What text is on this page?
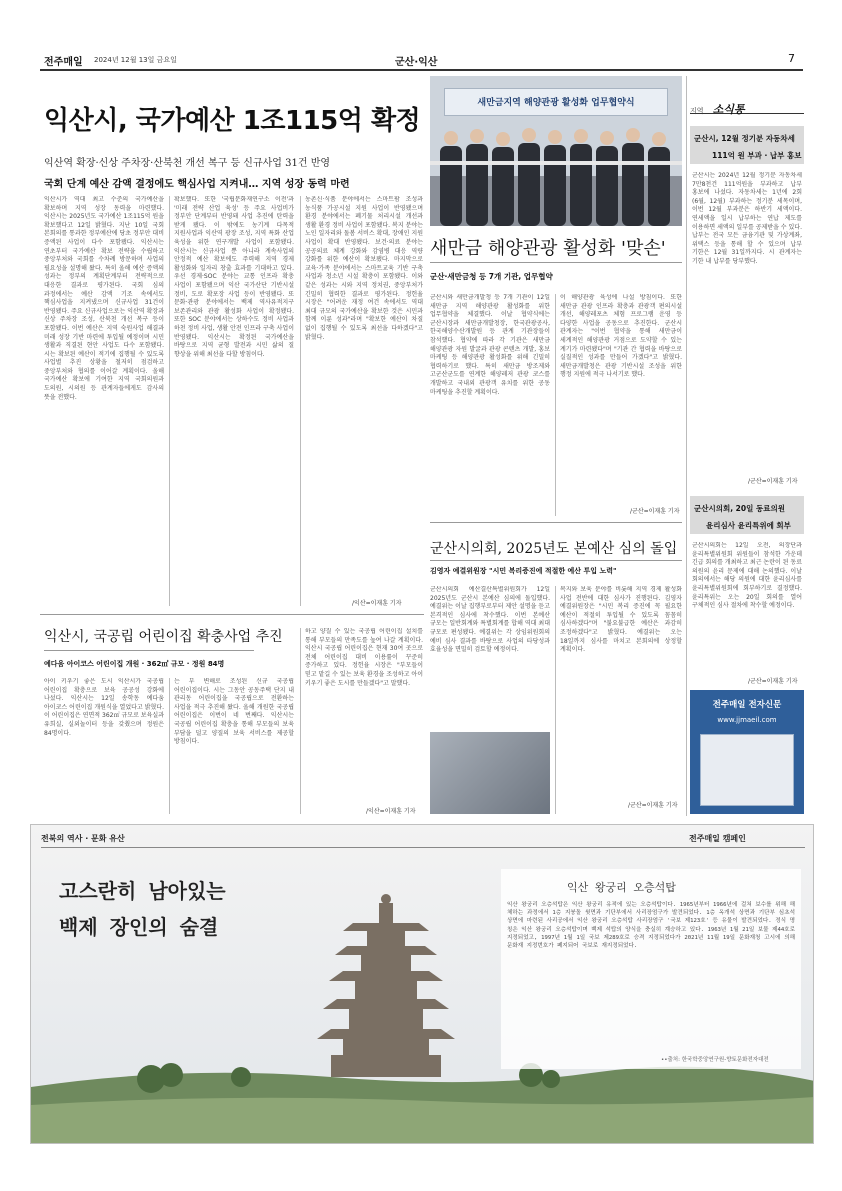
전주매일 2024년 12월 13일 금요일	군산·익산	7
익산시, 국가예산 1조115억 확정
익산역 확장·신상 주차장·산북천 개선 복구 등 신규사업 31건 반영
국회 단계 예산 감액 결정에도 핵심사업 지켜내… 지역 성장 동력 마련
익산시가 역대 최고 수준의 국가예산을 확보하며 지역 성장 동력을 마련했다. 익산시는 2025년도 국가예산 1조115억 원을 확보했다고 12일 밝혔다. 지난 10일 국회 본회의를 통과한 정부예산에 당초 정부안 대비 증액된 사업이 다수 포함됐다. 익산시는 연초부터 국가예산 확보 전략을 수립하고 중앙부처와 국회를 수차례 방문하며 사업의 필요성을 설명해 왔다. 특히 올해 예산 증액의 성과는 정부의 계획단계부터 전략적으로 대응한 결과로 평가된다. 국회 심의 과정에서는 예산 감액 기조 속에서도 핵심사업을 지켜냈으며 신규사업 31건이 반영됐다. 주요 신규사업으로는 익산역 확장과 신상 주차장 조성, 산북천 개선 복구 등이 포함됐다. 이번 예산은 지역 숙원사업 해결과 미래 성장 기반 마련에 투입될 예정이며 시민 생활과 직결된 현안 사업도 다수 포함됐다. 시는 확보된 예산이 적기에 집행될 수 있도록 사업별 추진 상황을 철저히 점검하고 중앙부처와 협의를 이어갈 계획이다. 올해 국가예산 확보에 기여한 지역 국회의원과 도의원, 시의원 등 관계자들에게도 감사의 뜻을 전했다.
확보했다. 또한 '국립문화재연구소 이전'과 '미래 전략 산업 육성' 등 주요 사업비가 정부안 단계부터 반영돼 사업 추진에 탄력을 받게 됐다. 이 밖에도 농기계 다목적 지원사업과 익산역 광장 조성, 지역 특화 산업 육성을 위한 연구개발 사업이 포함됐다. 익산시는 신규사업 뿐 아니라 계속사업의 안정적 예산 확보에도 주력해 지역 경제 활성화와 일자리 창출 효과를 기대하고 있다. 우선 경제·SOC 분야는 교통 인프라 확충 사업이 포함됐으며 익산 국가산단 기반시설 정비, 도로 확포장 사업 등이 반영됐다. 또 문화·관광 분야에서는 백제 역사유적지구 보존관리와 관광 활성화 사업이 확정됐다. 또한 SOC 분야에서는 상하수도 정비 사업과 하천 정비 사업, 생활 안전 인프라 구축 사업이 반영됐다. 익산시는 확정된 국가예산을 바탕으로 지역 균형 발전과 시민 삶의 질 향상을 위해 최선을 다할 방침이다.
농촌신·식품 분야에서는 스마트팜 조성과 농식품 가공시설 지원 사업이 반영됐으며 환경 분야에서는 폐기물 처리시설 개선과 생활 환경 정비 사업이 포함됐다. 복지 분야는 노인 일자리와 돌봄 서비스 확대, 장애인 지원 사업이 확대 반영됐다. 보건·의료 분야는 공공의료 체계 강화와 감염병 대응 역량 강화를 위한 예산이 확보됐다. 마지막으로 교육·가족 분야에서는 스마트교육 기반 구축 사업과 청소년 시설 확충이 포함됐다. 이와 같은 성과는 시와 지역 정치권, 중앙부처가 긴밀히 협력한 결과로 평가된다. 정헌율 시장은 "어려운 재정 여건 속에서도 역대 최대 규모의 국가예산을 확보한 것은 시민과 함께 이룬 성과"라며 "확보한 예산이 차질 없이 집행될 수 있도록 최선을 다하겠다"고 밝혔다.
/익산=이재훈 기자
새만금지역 해양관광 활성화 업무협약식
새만금 해양관광 활성화 '맞손'
군산·새만금청 등 7개 기관, 업무협약
군산시와 새만금개발청 등 7개 기관이 12일 새만금 지역 해양관광 활성화를 위한 업무협약을 체결했다. 이날 협약식에는 군산시장과 새만금개발청장, 한국관광공사, 한국해양수산개발원 등 관계 기관장들이 참석했다. 협약에 따라 각 기관은 새만금 해양관광 자원 발굴과 관광 콘텐츠 개발, 홍보 마케팅 등 해양관광 활성화를 위해 긴밀히 협력하기로 했다. 특히 새만금 방조제와 고군산군도를 연계한 해양레저 관광 코스를 개발하고 국내외 관광객 유치를 위한 공동 마케팅을 추진할 계획이다.
이 해양관광 육성에 나설 방침이다. 또한 새만금 관광 인프라 확충과 관광객 편의시설 개선, 해양레포츠 체험 프로그램 운영 등 다양한 사업을 공동으로 추진한다. 군산시 관계자는 "이번 협약을 통해 새만금이 세계적인 해양관광 거점으로 도약할 수 있는 계기가 마련됐다"며 "기관 간 협력을 바탕으로 실질적인 성과를 만들어 가겠다"고 밝혔다. 새만금개발청은 관광 기반시설 조성을 위한 행정 지원에 적극 나서기로 했다.
/군산=이재훈 기자
군산시의회, 2025년도 본예산 심의 돌입
김영자 예결위원장 "시민 복리증진에 적절한 예산 투입 노력"
군산시의회 예산결산특별위원회가 12일 2025년도 군산시 본예산 심의에 돌입했다. 예결위는 이날 집행부로부터 제안 설명을 듣고 본격적인 심사에 착수했다. 이번 본예산 규모는 일반회계와 특별회계를 합해 역대 최대 규모로 편성됐다. 예결위는 각 상임위원회의 예비 심사 결과를 바탕으로 사업의 타당성과 효율성을 면밀히 검토할 예정이다.
복지와 보육 분야를 비롯해 지역 경제 활성화 사업 전반에 대한 심사가 진행된다. 김영자 예결위원장은 "시민 복리 증진에 꼭 필요한 예산이 적절히 투입될 수 있도록 꼼꼼히 심사하겠다"며 "불요불급한 예산은 과감히 조정하겠다"고 밝혔다. 예결위는 오는 18일까지 심사를 마치고 본회의에 상정할 계획이다.
/군산=이재훈 기자
익산시, 국공립 어린이집 확충사업 추진
예다움 아이코스 어린이집 개원 · 362㎡ 규모 · 정원 84명
아이 키우기 좋은 도시 익산시가 국공립 어린이집 확충으로 보육 공공성 강화에 나섰다. 익산시는 12일 송학동 예다움 아이코스 어린이집 개원식을 열었다고 밝혔다. 이 어린이집은 연면적 362㎡ 규모로 보육실과 유희실, 실외놀이터 등을 갖췄으며 정원은 84명이다.
는 부 변해로 조성된 신규 국공립 어린이집이다. 시는 그동안 공동주택 단지 내 관리동 어린이집을 국공립으로 전환하는 사업을 적극 추진해 왔다. 올해 개원한 국공립 어린이집은 이번이 네 번째다. 익산시는 국공립 어린이집 확충을 통해 부모들의 보육 부담을 덜고 양질의 보육 서비스를 제공할 방침이다.
하고 양질 수 있는 국공립 어린이집 설치를 통해 부모들의 만족도를 높여 나갈 계획이다. 익산시 국공립 어린이집은 현재 30여 곳으로 전체 어린이집 대비 이용률이 꾸준히 증가하고 있다. 정헌율 시장은 "부모들이 믿고 맡길 수 있는 보육 환경을 조성하고 아이 키우기 좋은 도시를 만들겠다"고 말했다.
/익산=이재훈 기자
지역 소식통
군산시, 12월 정기분 자동차세
111억 원 부과 · 납부 홍보
군산시는 2024년 12월 정기분 자동차세 7만8천건 111억원을 부과하고 납부 홍보에 나섰다. 자동차세는 1년에 2회(6월, 12월) 부과하는 정기분 세목이며, 이번 12월 부과분은 하반기 세액이다. 연세액을 일시 납부하는 연납 제도를 이용하면 세액의 일부를 공제받을 수 있다. 납부는 전국 모든 금융기관 및 가상계좌, 위택스 등을 통해 할 수 있으며 납부 기한은 12월 31일까지다. 시 관계자는 기한 내 납부를 당부했다.
/군산=이재훈 기자
군산시의회, 20일 동료의원
윤리심사 윤리특위에 회부
군산시의회는 12일 오전, 의장단과 윤리특별위원회 위원들이 참석한 가운데 긴급 회의를 개최하고 최근 논란이 된 동료 의원의 윤리 문제에 대해 논의했다. 이날 회의에서는 해당 의원에 대한 윤리심사를 윤리특별위원회에 회부하기로 결정했다. 윤리특위는 오는 20일 회의를 열어 구체적인 심사 절차에 착수할 예정이다.
/군산=이재훈 기자
전주매일 전자신문
www.jjmaeil.com
전북의 역사 · 문화 유산	전주매일 캠페인
고스란히 남아있는
백제 장인의 숨결
익산 왕궁리 오층석탑
익산 왕궁리 오층석탑은 익산 왕궁리 유적에 있는 오층석탑이다. 1965년부터 1966년에 걸쳐 보수를 위해 해체하는 과정에서 1층 지붕돌 윗면과 기단부에서 사리장엄구가 발견되었다. 1층 옥개석 상면과 기단부 심초석 상면에 마련된 사리공에서 익산 왕궁리 오층석탑 사리장엄구 '국보 제123호' 등 유물이 발견되었다. 정식 명칭은 익산 왕궁리 오층석탑이며 백제 석탑의 양식을 충실히 계승하고 있다. 1963년 1월 21일 보물 제44호로 지정되었고, 1997년 1월 1일 국보 제289호로 승격 지정되었다가 2021년 11월 19일 문화재청 고시에 의해 문화재 지정번호가 폐지되어 국보로 재지정되었다.
••출처: 한국학중앙연구원-향토문화전자대전
